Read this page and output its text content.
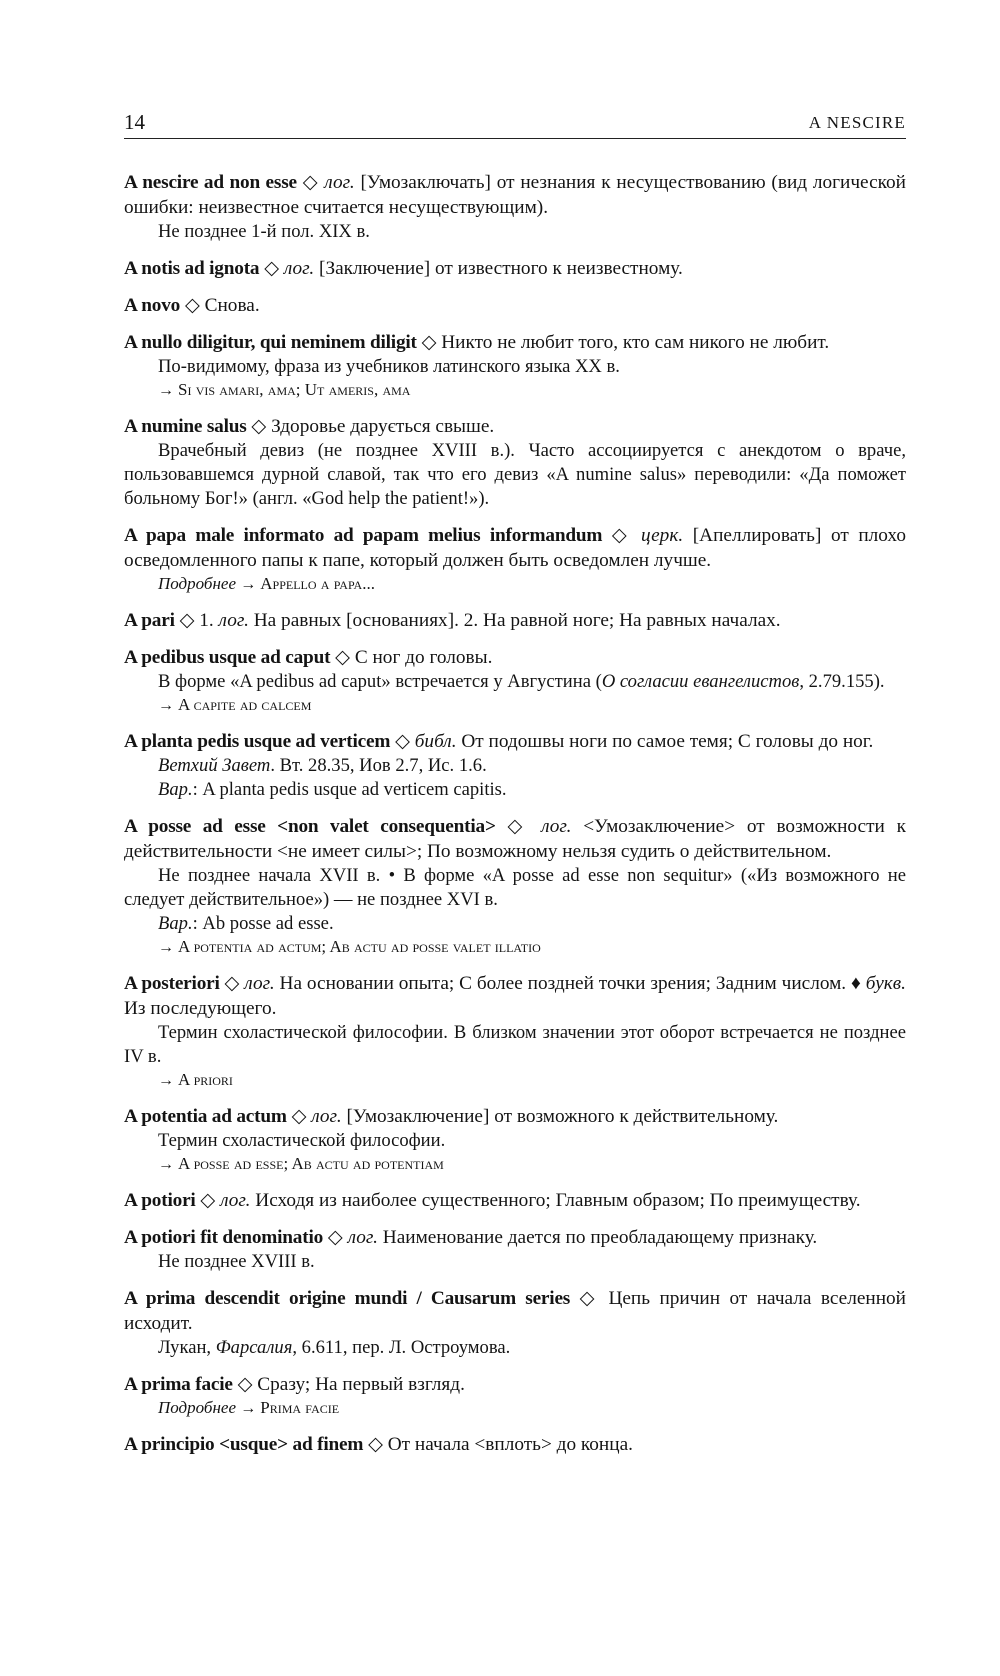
14	A NESCIRE
A nescire ad non esse ◇ лог. [Умозаключать] от незнания к несуществованию (вид логической ошибки: неизвестное считается несуществующим).
Не позднее 1-й пол. XIX в.
A notis ad ignota ◇ лог. [Заключение] от известного к неизвестному.
A novo ◇ Снова.
A nullo diligitur, qui neminem diligit ◇ Никто не любит того, кто сам никого не любит.
По-видимому, фраза из учебников латинского языка XX в.
→ Si vis amari, ama; Ut ameris, ama
A numine salus ◇ Здоровье дарується свыше.
Врачебный девиз (не позднее XVIII в.). Часто ассоциируется с анекдотом о враче, пользовавшемся дурной славой, так что его девиз «A numine salus» переводили: «Да поможет больному Бог!» (англ. «God help the patient!»).
A papa male informato ad papam melius informandum ◇ церк. [Апеллировать] от плохо осведомленного папы к папе, который должен быть осведомлен лучше.
Подробнее → Appello a papa...
A pari ◇ 1. лог. На равных [основаниях]. 2. На равной ноге; На равных началах.
A pedibus usque ad caput ◇ С ног до головы.
В форме «A pedibus ad caput» встречается у Августина (О согласии евангелистов, 2.79.155).
→ A capite ad calcem
A planta pedis usque ad verticem ◇ библ. От подошвы ноги по самое темя; С головы до ног.
Ветхий Завет. Вт. 28.35, Иов 2.7, Ис. 1.6.
Вар.: A planta pedis usque ad verticem capitis.
A posse ad esse <non valet consequentia> ◇ лог. <Умозаключение> от возможности к действительности <не имеет силы>; По возможному нельзя судить о действительном.
Не позднее начала XVII в. • В форме «A posse ad esse non sequitur» («Из возможного не следует действительное») — не позднее XVI в.
Вар.: Ab posse ad esse.
→ A potentia ad actum; Ab actu ad posse valet illatio
A posteriori ◇ лог. На основании опыта; С более поздней точки зрения; Задним числом. ♦ букв. Из последующего.
Термин схоластической философии. В близком значении этот оборот встречается не позднее IV в.
→ A priori
A potentia ad actum ◇ лог. [Умозаключение] от возможного к действительному.
Термин схоластической философии.
→ A posse ad esse; Ab actu ad potentiam
A potiori ◇ лог. Исходя из наиболее существенного; Главным образом; По преимуществу.
A potiori fit denominatio ◇ лог. Наименование дается по преобладающему признаку.
Не позднее XVIII в.
A prima descendit origine mundi / Causarum series ◇ Цепь причин от начала вселенной исходит.
Лукан, Фарсалия, 6.611, пер. Л. Остроумова.
A prima facie ◇ Сразу; На первый взгляд.
Подробнее → Prima facie
A principio <usque> ad finem ◇ От начала <вплоть> до конца.
